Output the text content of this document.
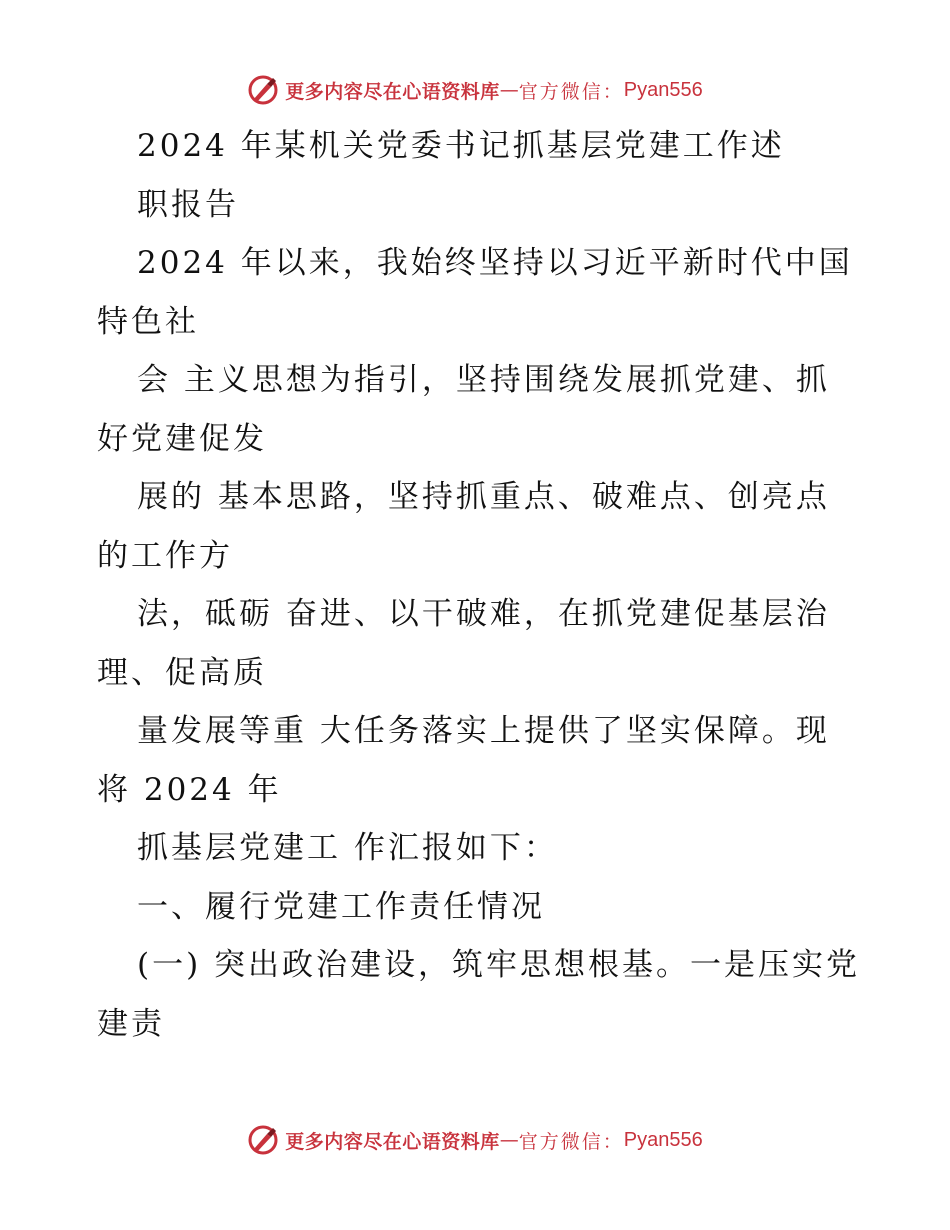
更多内容尽在心语资料库 — 官方微信： Pyan556
2024 年某机关党委书记抓基层党建工作述
职报告
2024 年以来，我始终坚持以习近平新时代中国
特色社
会 主义思想为指引，坚持围绕发展抓党建、抓
好党建促发
展的 基本思路，坚持抓重点、破难点、创亮点
的工作方
法，砥砺 奋进、以干破难，在抓党建促基层治
理、促高质
量发展等重 大任务落实上提供了坚实保障。现
将 2024 年
抓基层党建工 作汇报如下：
一、履行党建工作责任情况
(一) 突出政治建设，筑牢思想根基。一是压实党
建责
更多内容尽在心语资料库 — 官方微信： Pyan556
